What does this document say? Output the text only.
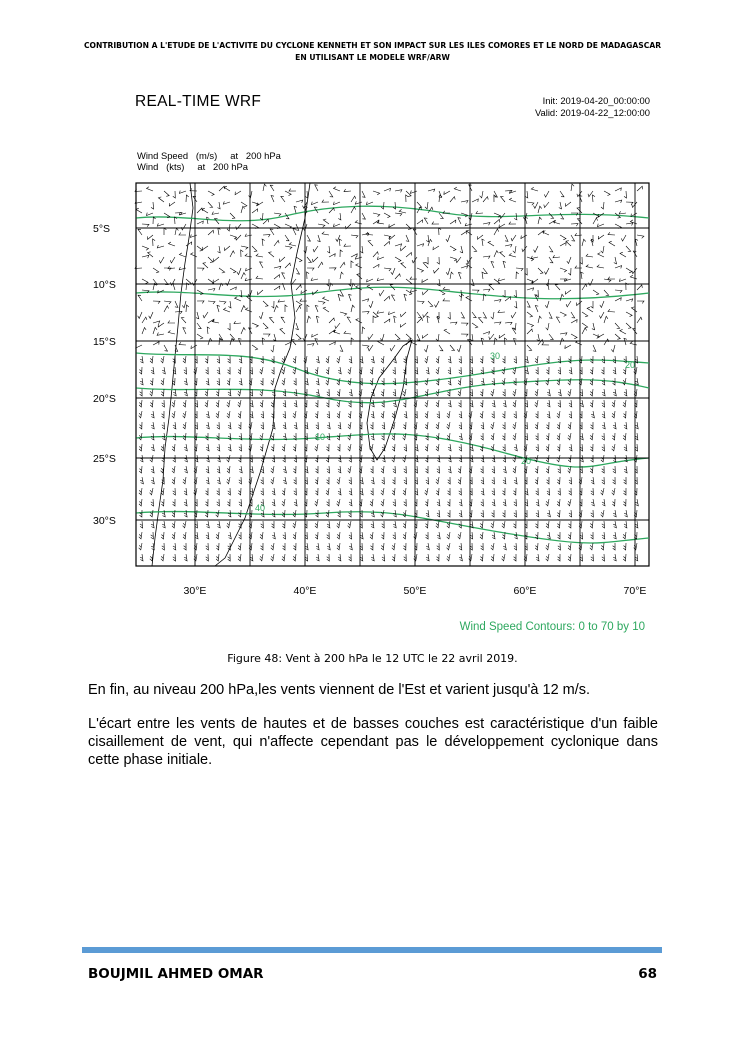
CONTRIBUTION A L'ETUDE DE L'ACTIVITE DU CYCLONE KENNETH ET SON IMPACT SUR LES ILES COMORES ET LE NORD DE MADAGASCAR
EN UTILISANT LE MODELE WRF/ARW
REAL-TIME WRF	Init: 2019-04-20_00:00:00
Valid: 2019-04-22_12:00:00
Wind Speed   (m/s)     at   200 hPa
Wind   (kts)     at   200 hPa
30
20
10
40
20
5°S
10°S
15°S
20°S
25°S
30°S
30°E	40°E	50°E	60°E	70°E
Wind Speed Contours: 0 to 70 by 10
Figure 48: Vent à 200 hPa le 12 UTC le 22 avril 2019.
En fin, au niveau 200 hPa,les vents viennent de l'Est et varient jusqu'à 12 m/s.
L'écart entre les vents de hautes et de basses couches est caractéristique d'un faible cisaillement de vent, qui n'affecte cependant pas le développement cyclonique dans cette phase initiale.
BOUJMIL AHMED OMAR	68
